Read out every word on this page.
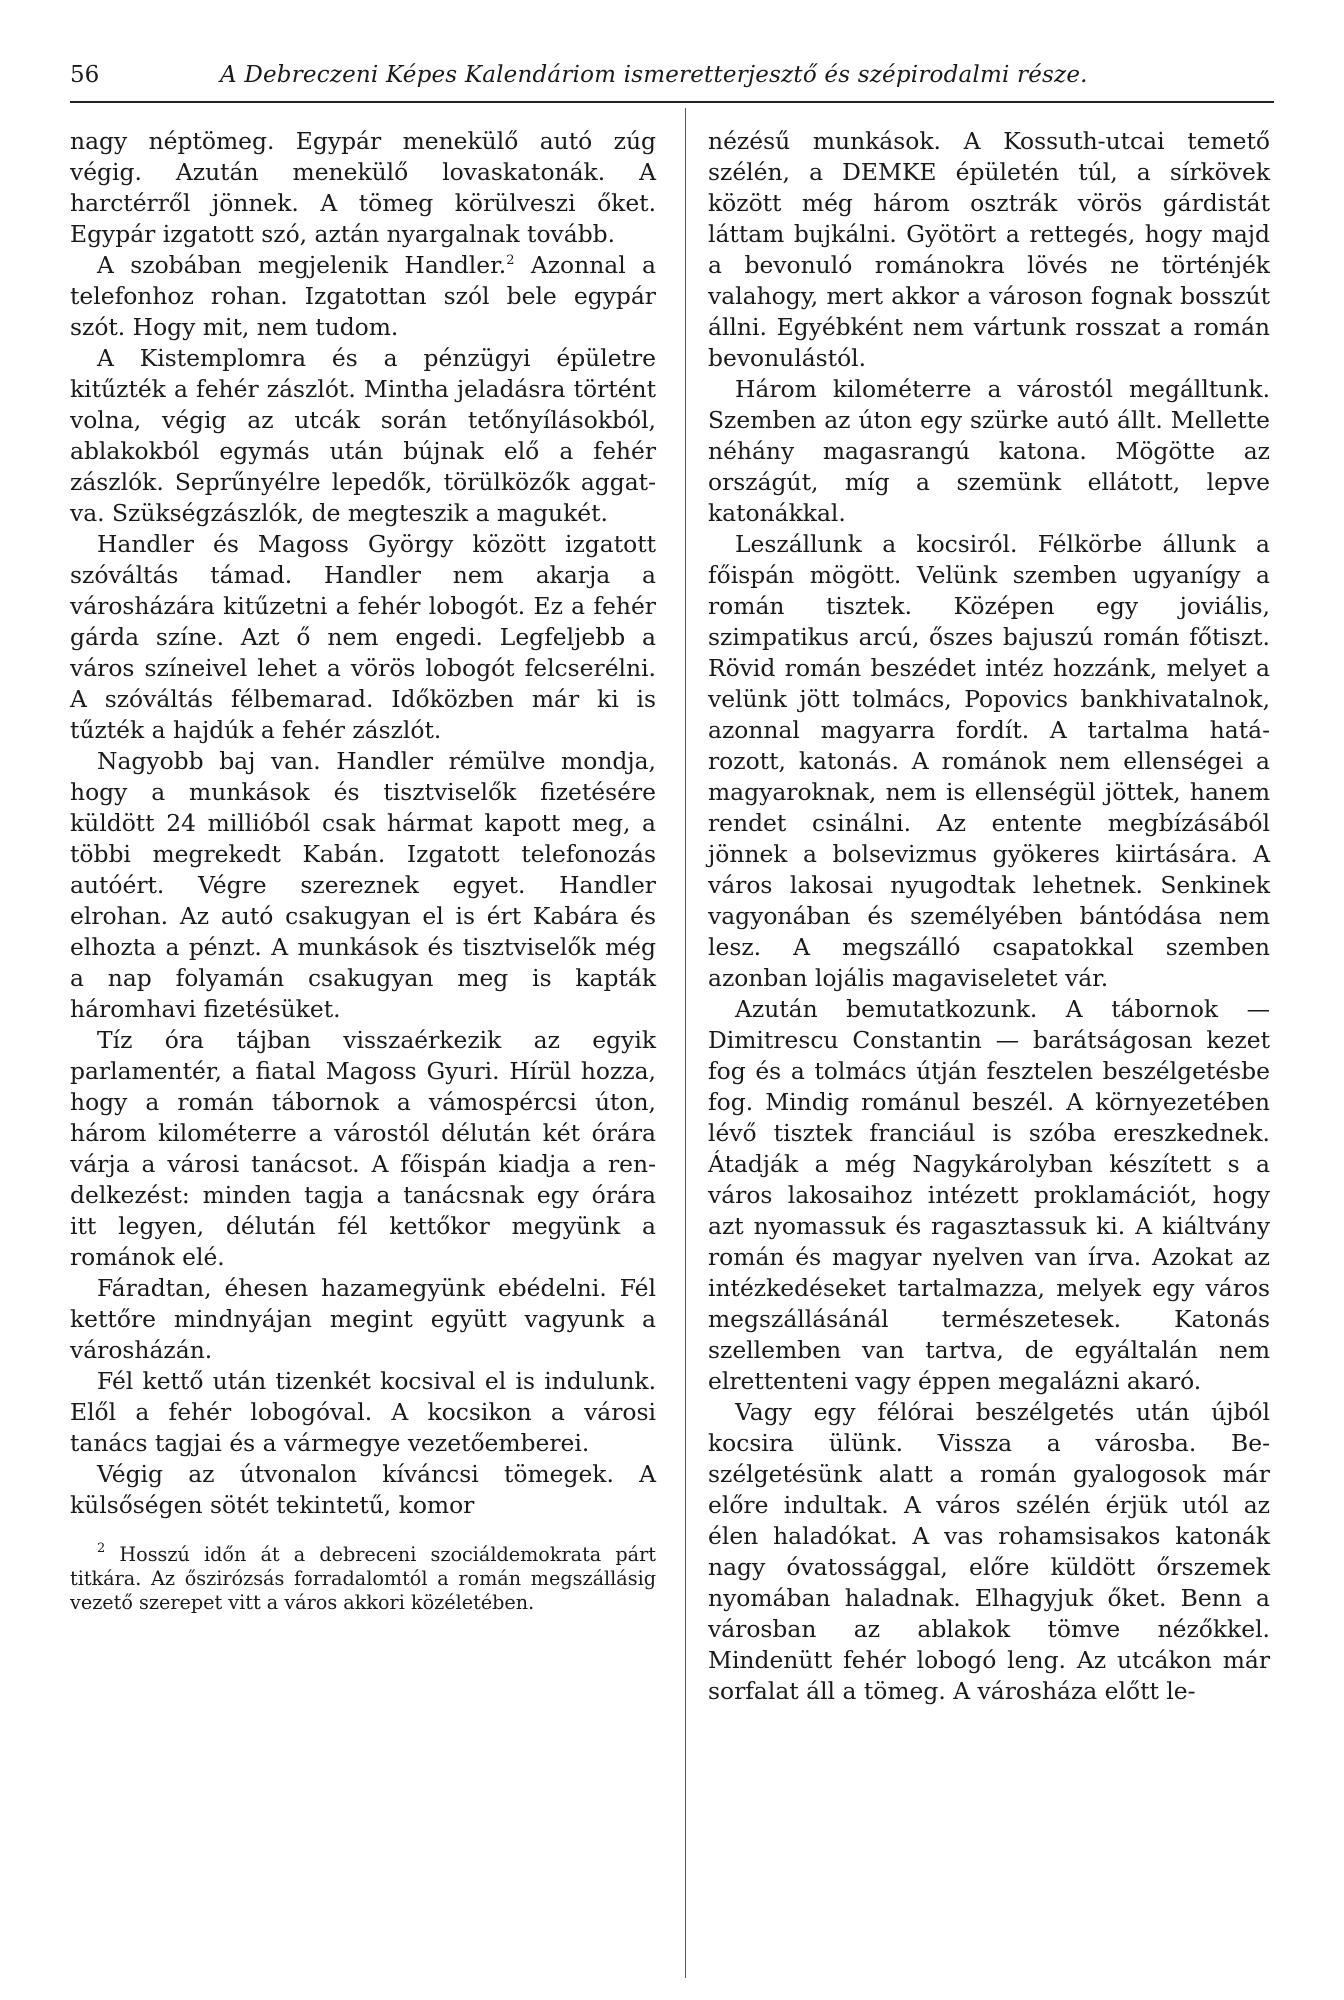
56	A Debreczeni Képes Kalendáriom ismeretterjesztő és szépirodalmi része.

nagy néptömeg. Egypár menekülő autó zúg végig. Azután menekülő lovaskatonák. A harctérről jönnek. A tömeg körülveszi őket. Egypár izgatott szó, aztán nyargalnak tovább.

A szobában megjelenik Handler.$^2$ Azonnal a telefonhoz rohan. Izgatottan szól bele egypár szót. Hogy mit, nem tudom.

A Kistemplomra és a pénzügyi épületre kitűzték a fehér zászlót. Mintha jeladásra történt volna, végig az utcák során tetőnyílásokból, ablakokból egymás után bújnak elő a fehér zászlók. Seprűnyélre lepedők, törülközők aggatva. Szükségzászlók, de megteszik a magukét.

Handler és Magoss György között izgatott szóváltás támad. Handler nem akarja a városházára kitűzetni a fehér lobogót. Ez a fehér gárda színe. Azt ő nem engedi. Legfeljebb a város színeivel lehet a vörös lobogót felcserélni. A szóváltás félbemarad. Időközben már ki is tűzték a hajdúk a fehér zászlót.

Nagyobb baj van. Handler rémülve mondja, hogy a munkások és tisztviselők fizetésére küldött 24 millióból csak hármat kapott meg, a többi megrekedt Kabán. Izgatott telefonozás autóért. Végre szereznek egyet. Handler elrohan. Az autó csakugyan el is ért Kabára és elhozta a pénzt. A munkások és tisztviselők még a nap folyamán csakugyan meg is kapták háromhavi fizetésüket.

Tíz óra tájban visszaérkezik az egyik parlamentér, a fiatal Magoss Gyuri. Hírül hozza, hogy a román tábornok a vámospércsi úton, három kilométerre a várostól délután két órára várja a városi tanácsot. A főispán kiadja a rendelkezést: minden tagja a tanácsnak egy órára itt legyen, délután fél kettőkor megyünk a románok elé.

Fáradtan, éhesen hazamegyünk ebédelni. Fél kettőre mindnyájan megint együtt vagyunk a városházán.

Fél kettő után tizenkét kocsival el is indulunk. Elől a fehér lobogóval. A kocsikon a városi tanács tagjai és a vármegye vezetőemberei.

Végig az útvonalon kíváncsi tömegek. A külsőségen sötét tekintetű, komor

$^2$ Hosszú időn át a debreceni szociáldemokrata párt titkára. Az őszirózsás forradalomtól a román megszállásig vezető szerepet vitt a város akkori közéletében.

nézésű munkások. A Kossuth-utcai temető szélén, a DEMKE épületén túl, a sírkövek között még három osztrák vörös gárdistát láttam bujkálni. Gyötört a rettegés, hogy majd a bevonuló románokra lövés ne történjék valahogy, mert akkor a városon fognak bosszút állni. Egyébként nem vártunk rosszat a román bevonulástól.

Három kilométerre a várostól megálltunk. Szemben az úton egy szürke autó állt. Mellette néhány magasrangú katona. Mögötte az országút, míg a szemünk ellátott, lepve katonákkal.

Leszállunk a kocsiról. Félkörbe állunk a főispán mögött. Velünk szemben ugyanígy a román tisztek. Középen egy joviális, szimpatikus arcú, őszes bajuszú román főtiszt. Rövid román beszédet intéz hozzánk, melyet a velünk jött tolmács, Popovics bankhivatalnok, azonnal magyarra fordít. A tartalma határozott, katonás. A románok nem ellenségei a magyaroknak, nem is ellenségül jöttek, hanem rendet csinálni. Az entente megbízásából jönnek a bolsevizmus gyökeres kiirtására. A város lakosai nyugodtak lehetnek. Senkinek vagyonában és személyében bántódása nem lesz. A megszálló csapatokkal szemben azonban lojális magaviseletet vár.

Azután bemutatkozunk. A tábornok — Dimitrescu Constantin — barátságosan kezet fog és a tolmács útján fesztelen beszélgetésbe fog. Mindig románul beszél. A környezetében lévő tisztek franciául is szóba ereszkednek. Átadják a még Nagykárolyban készített s a város lakosaihoz intézett proklamációt, hogy azt nyomassuk és ragasztassuk ki. A kiáltvány román és magyar nyelven van írva. Azokat az intézkedéseket tartalmazza, melyek egy város megszállásánál természetesek. Katonás szellemben van tartva, de egyáltalán nem elrettenteni vagy éppen megalázni akaró.

Vagy egy félórai beszélgetés után újból kocsira ülünk. Vissza a városba. Beszélgetésünk alatt a román gyalogosok már előre indultak. A város szélén érjük utól az élen haladókat. A vas rohamsisakos katonák nagy óvatossággal, előre küldött őrszemek nyomában haladnak. Elhagyjuk őket. Benn a városban az ablakok tömve nézőkkel. Mindenütt fehér lobogó leng. Az utcákon már sorfalat áll a tömeg. A városháza előtt le-
